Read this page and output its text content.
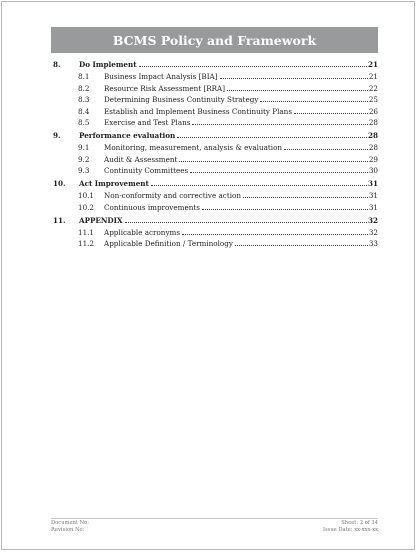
BCMS Policy and Framework
8.	Do Implement	21
8.1	Business Impact Analysis [BIA]	21
8.2	Resource Risk Assessment [RRA]	22
8.3	Determining Business Continuity Strategy	25
8.4	Establish and Implement Business Continuity Plans	26
8.5	Exercise and Test Plans	28
9.	Performance evaluation	28
9.1	Monitoring, measurement, analysis & evaluation	28
9.2	Audit & Assessment	29
9.3	Continuity Committees	30
10.	Act Improvement	31
10.1	Non-conformity and corrective action	31
10.2	Continuous improvements	31
11.	APPENDIX	32
11.1	Applicable acronyms	32
11.2	Applicable Definition / Terminology	33
Document No:	Sheet: 2 of 34
Revision No:	Issue Date: xx-xxx-xx
